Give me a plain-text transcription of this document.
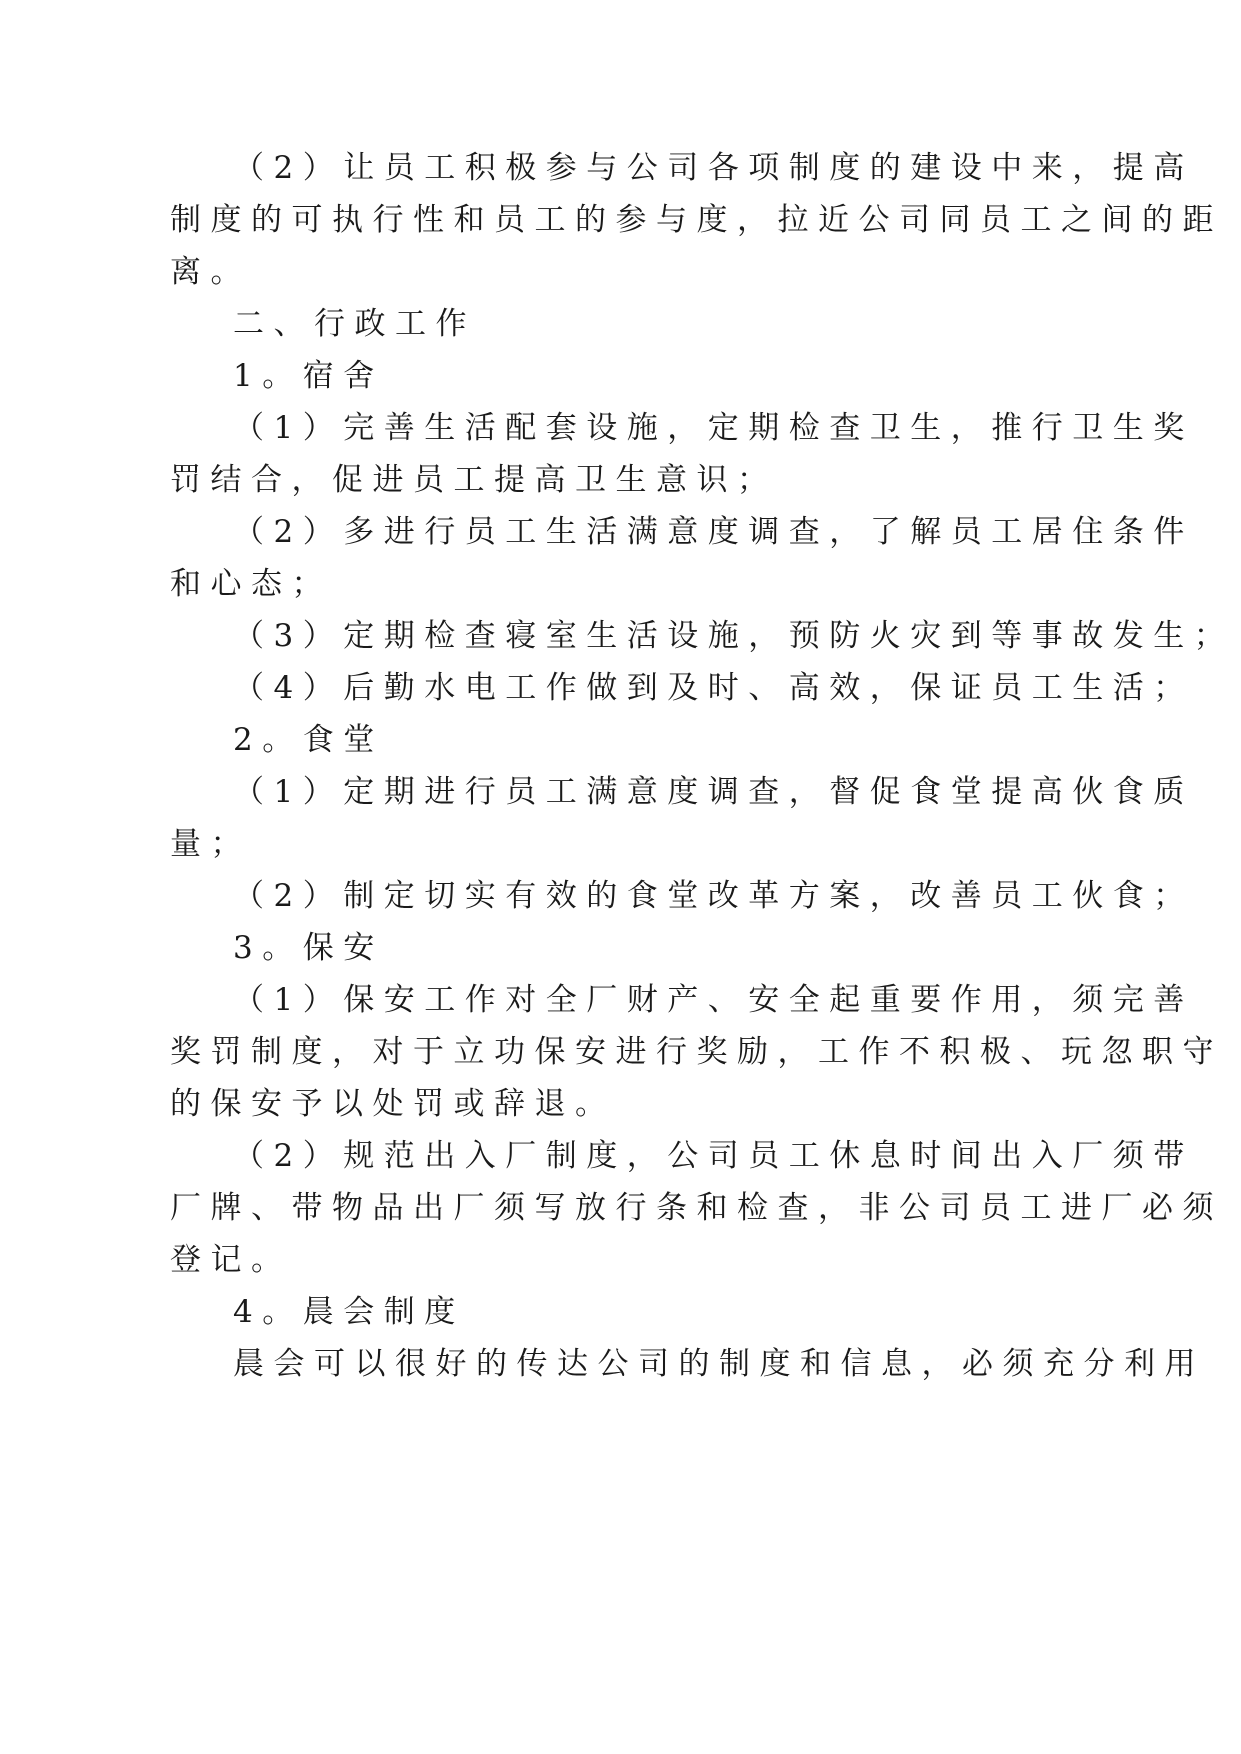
（2）让员工积极参与公司各项制度的建设中来，提高

制度的可执行性和员工的参与度，拉近公司同员工之间的距

离。

二、行政工作

1。宿舍

（1）完善生活配套设施，定期检查卫生，推行卫生奖

罚结合，促进员工提高卫生意识；

（2）多进行员工生活满意度调查，了解员工居住条件

和心态；

（3）定期检查寝室生活设施，预防火灾到等事故发生；

（4）后勤水电工作做到及时、高效，保证员工生活；

2。食堂

（1）定期进行员工满意度调查，督促食堂提高伙食质

量；

（2）制定切实有效的食堂改革方案，改善员工伙食；

3。保安

（1）保安工作对全厂财产、安全起重要作用，须完善

奖罚制度，对于立功保安进行奖励，工作不积极、玩忽职守

的保安予以处罚或辞退。

（2）规范出入厂制度，公司员工休息时间出入厂须带

厂牌、带物品出厂须写放行条和检查，非公司员工进厂必须

登记。

4。晨会制度

晨会可以很好的传达公司的制度和信息，必须充分利用
